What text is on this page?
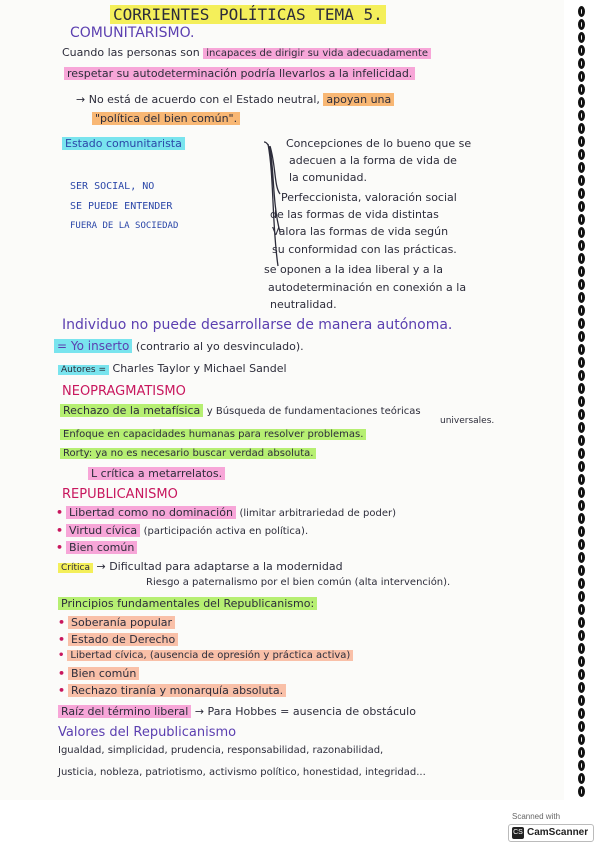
CORRIENTES POLÍTICAS TEMA 5.
COMUNITARISMO.
Cuando las personas son incapaces de dirigir su vida adecuadamente
respetar su autodeterminación podría llevarlos a la infelicidad.
→ No está de acuerdo con el Estado neutral, apoyan una
"política del bien común".
Estado comunitarista
SER SOCIAL, NO
SE PUEDE ENTENDER
FUERA DE LA SOCIEDAD
Concepciones de lo bueno que se
adecuen a la forma de vida de
la comunidad.
Perfeccionista, valoración social
de las formas de vida distintas
Valora las formas de vida según
su conformidad con las prácticas.
se oponen a la idea liberal y a la
autodeterminación en conexión a la
neutralidad.
Individuo no puede desarrollarse de manera autónoma.
= Yo inserto (contrario al yo desvinculado).
Autores = Charles Taylor y Michael Sandel
NEOPRAGMATISMO
Rechazo de la metafísica y Búsqueda de fundamentaciones teóricas
universales.
Enfoque en capacidades humanas para resolver problemas.
Rorty: ya no es necesario buscar verdad absoluta.
L crítica a metarrelatos.
REPUBLICANISMO
• Libertad como no dominación (limitar arbitrariedad de poder)
• Virtud cívica (participación activa en política).
• Bien común
Crítica → Dificultad para adaptarse a la modernidad
Riesgo a paternalismo por el bien común (alta intervención).
Principios fundamentales del Republicanismo:
• Soberanía popular
• Estado de Derecho
• Libertad cívica, (ausencia de opresión y práctica activa)
• Bien común
• Rechazo tiranía y monarquía absoluta.
Raíz del término liberal → Para Hobbes = ausencia de obstáculo
Valores del Republicanismo
Igualdad, simplicidad, prudencia, responsabilidad, razonabilidad,
Justicia, nobleza, patriotismo, activismo político, honestidad, integridad...
Scanned with
CS CamScanner
